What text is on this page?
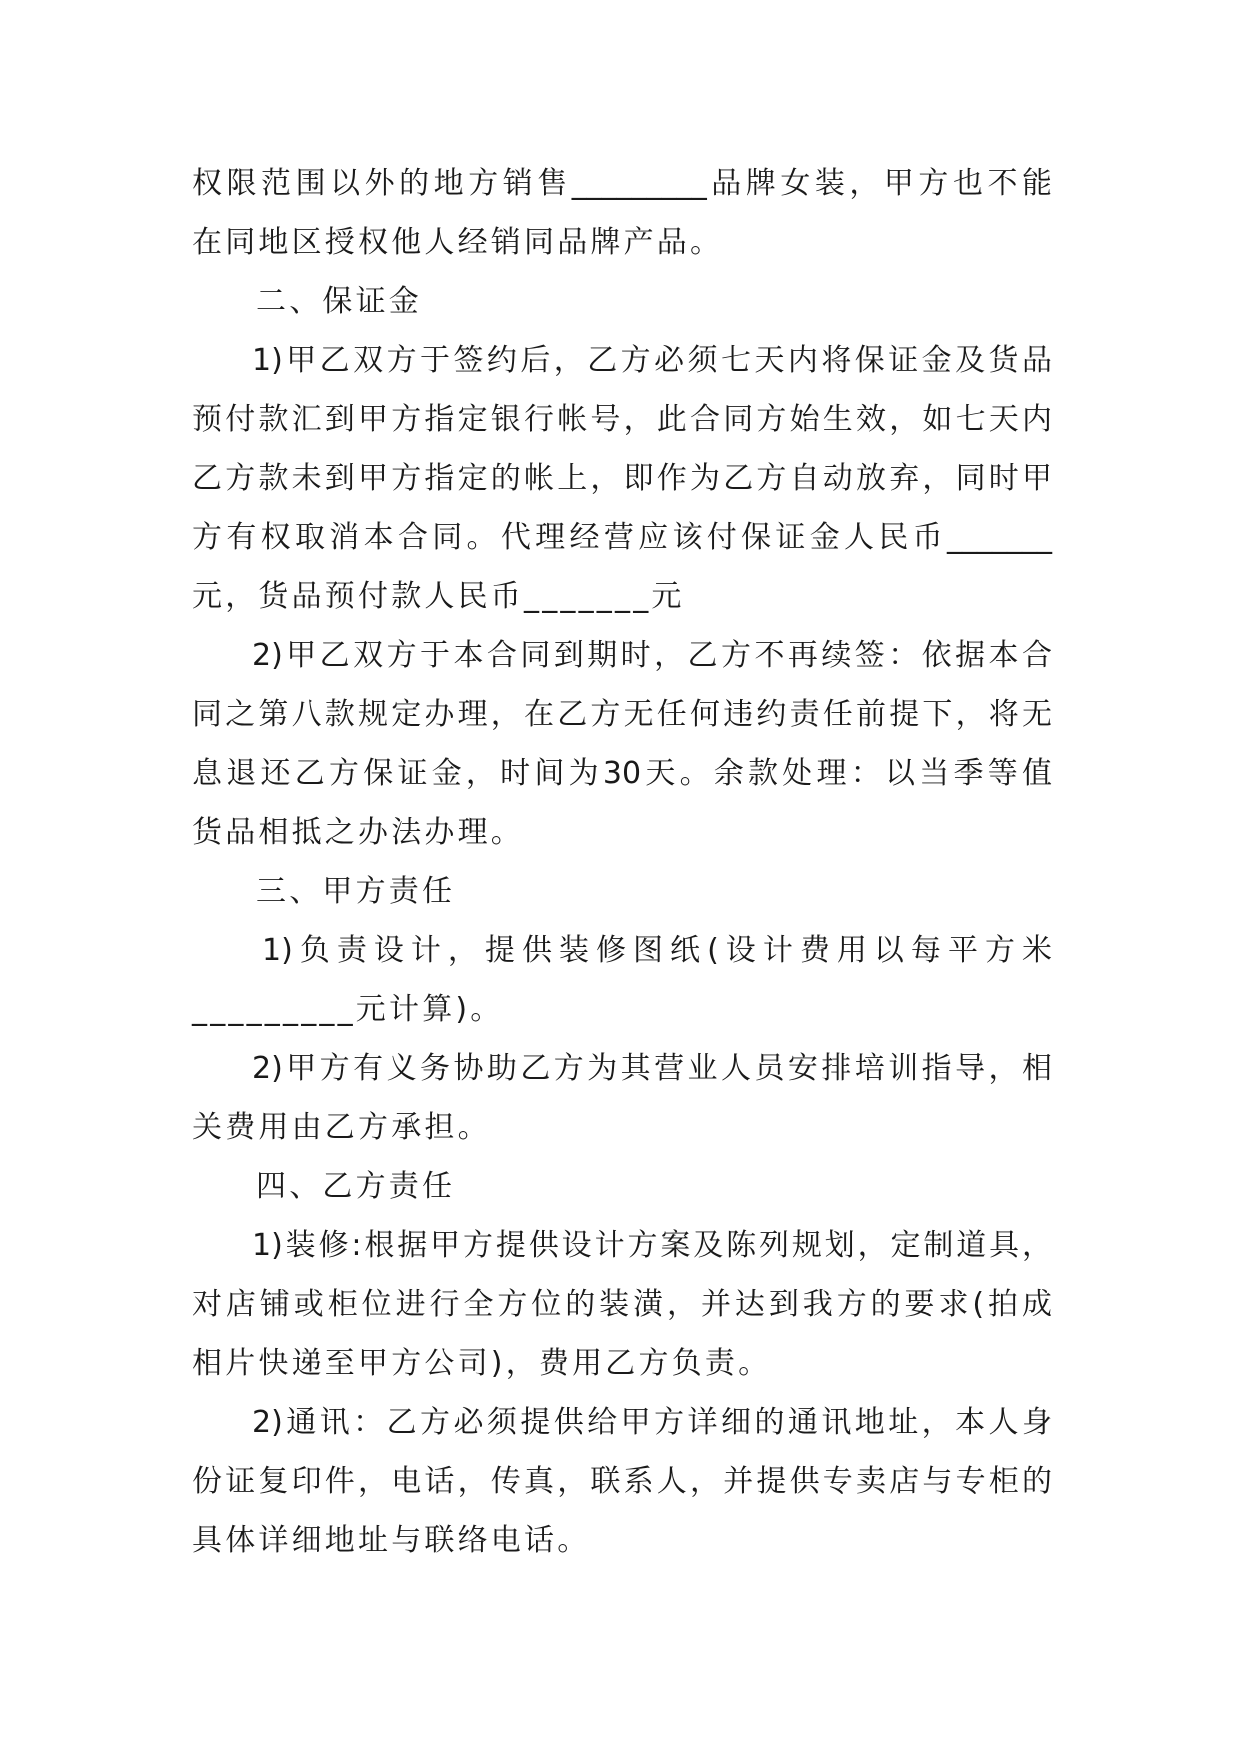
权限范围以外的地方销售_________品牌女装，甲方也不能
在同地区授权他人经销同品牌产品。
二、保证金
1)甲乙双方于签约后，乙方必须七天内将保证金及货品
预付款汇到甲方指定银行帐号，此合同方始生效，如七天内
乙方款未到甲方指定的帐上，即作为乙方自动放弃，同时甲
方有权取消本合同。代理经营应该付保证金人民币_______
元，货品预付款人民币_______元
2)甲乙双方于本合同到期时，乙方不再续签：依据本合
同之第八款规定办理，在乙方无任何违约责任前提下，将无
息退还乙方保证金，时间为30天。余款处理：以当季等值
货品相抵之办法办理。
三、甲方责任
1)负责设计，提供装修图纸(设计费用以每平方米
_________元计算)。
2)甲方有义务协助乙方为其营业人员安排培训指导，相
关费用由乙方承担。
四、乙方责任
1)装修:根据甲方提供设计方案及陈列规划，定制道具，
对店铺或柜位进行全方位的装潢，并达到我方的要求(拍成
相片快递至甲方公司)，费用乙方负责。
2)通讯：乙方必须提供给甲方详细的通讯地址，本人身
份证复印件，电话，传真，联系人，并提供专卖店与专柜的
具体详细地址与联络电话。
